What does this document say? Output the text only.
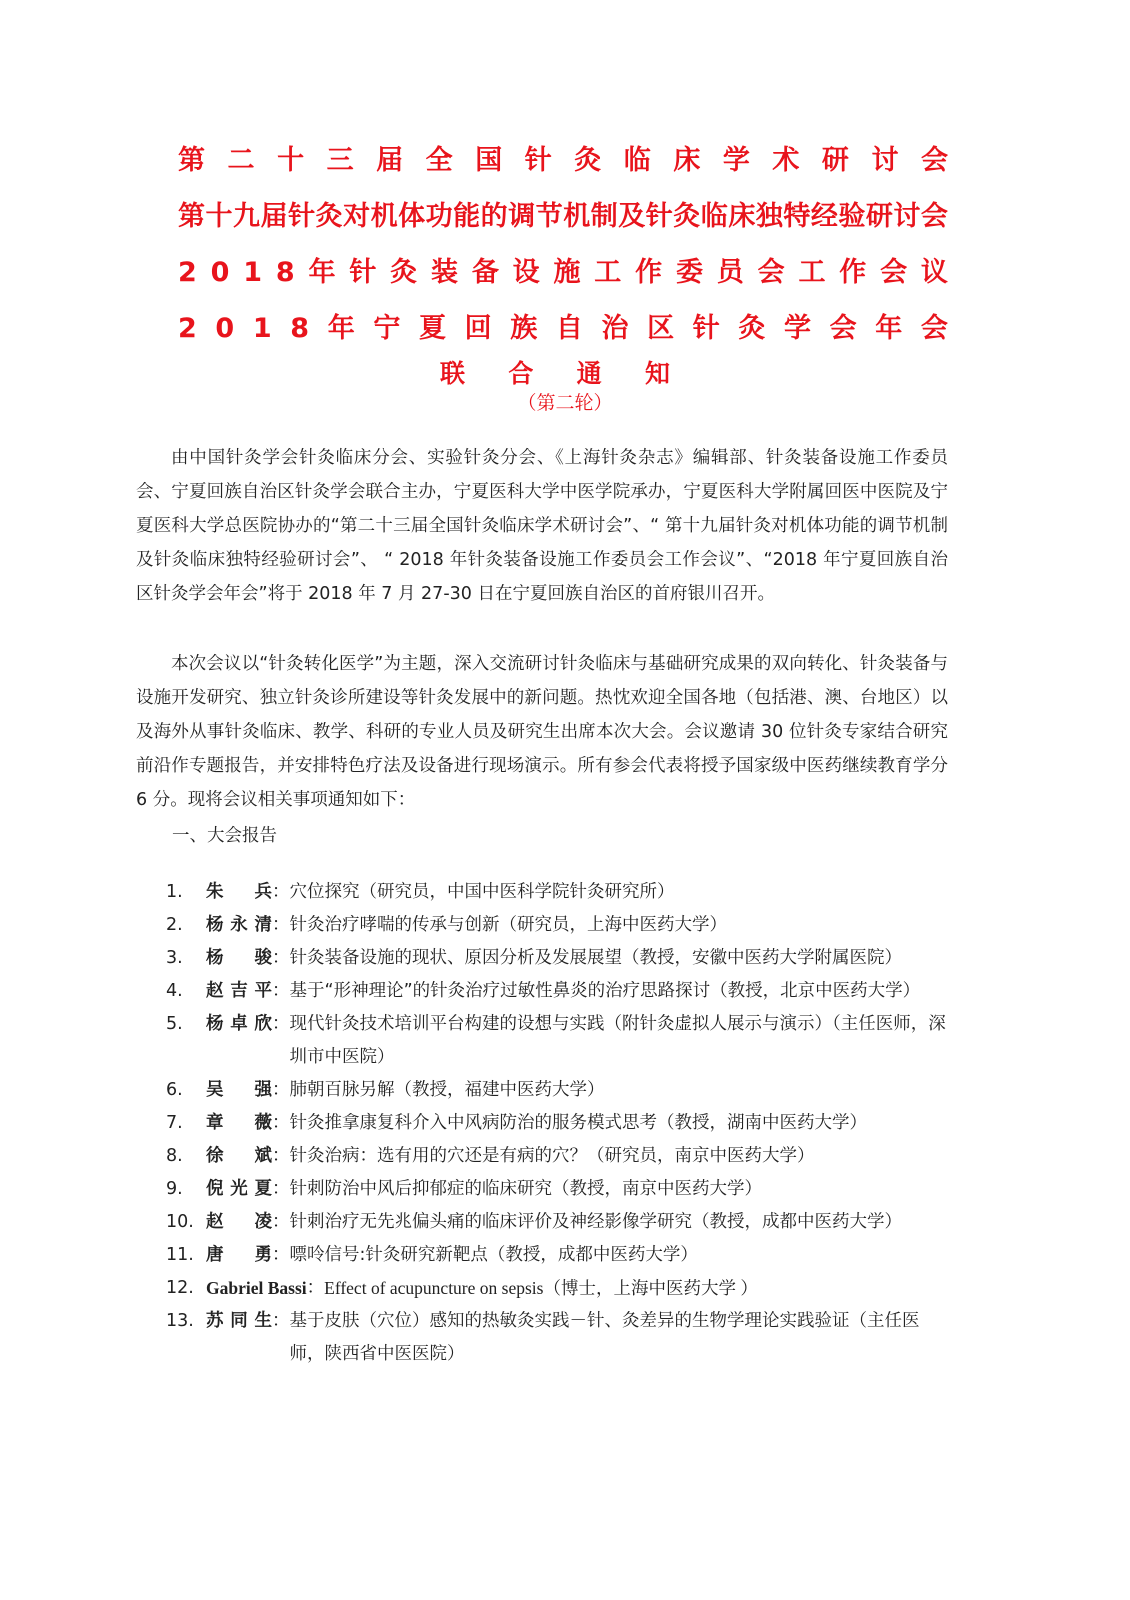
第 二 十 三 届 全 国 针 灸 临 床 学 术 研 讨 会
第 十 九 届 针 灸 对 机 体 功 能 的 调 节 机 制 及 针 灸 临 床 独 特 经 验 研 讨 会
2 0 1 8 年 针 灸 装 备 设 施 工 作 委 员 会 工 作 会 议
2 0 1 8 年 宁 夏 回 族 自 治 区 针 灸 学 会 年 会
联 合 通 知
（第二轮）

由中国针灸学会针灸临床分会、实验针灸分会、《上海针灸杂志》编辑部、针灸装备设施工作委员会、宁夏回族自治区针灸学会联合主办，宁夏医科大学中医学院承办，宁夏医科大学附属回医中医院及宁夏医科大学总医院协办的“第二十三届全国针灸临床学术研讨会”、“ 第十九届针灸对机体功能的调节机制及针灸临床独特经验研讨会”、 “ 2018 年针灸装备设施工作委员会工作会议”、“2018 年宁夏回族自治区针灸学会年会”将于 2018 年 7 月 27-30 日在宁夏回族自治区的首府银川召开。

本次会议以“针灸转化医学”为主题，深入交流研讨针灸临床与基础研究成果的双向转化、针灸装备与设施开发研究、独立针灸诊所建设等针灸发展中的新问题。热忱欢迎全国各地（包括港、澳、台地区）以及海外从事针灸临床、教学、科研的专业人员及研究生出席本次大会。会议邀请 30 位针灸专家结合研究前沿作专题报告，并安排特色疗法及设备进行现场演示。所有参会代表将授予国家级中医药继续教育学分 6 分。现将会议相关事项通知如下：

一、大会报告
1.	朱 兵 ： 穴位探究（研究员，中国中医科学院针灸研究所）
2.	杨永清 ： 针灸治疗哮喘的传承与创新（研究员，上海中医药大学）
3.	杨 骏 ： 针灸装备设施的现状、原因分析及发展展望（教授，安徽中医药大学附属医院）
4.	赵吉平 ： 基于“形神理论”的针灸治疗过敏性鼻炎的治疗思路探讨（教授，北京中医药大学）
5.	杨卓欣 ： 现代针灸技术培训平台构建的设想与实践（附针灸虚拟人展示与演示）（主任医师，深圳市中医院）
6.	吴 强 ： 肺朝百脉另解（教授，福建中医药大学）
7.	章 薇 ： 针灸推拿康复科介入中风病防治的服务模式思考（教授，湖南中医药大学）
8.	徐 斌 ： 针灸治病：选有用的穴还是有病的穴？（研究员，南京中医药大学）
9.	倪光夏 ： 针刺防治中风后抑郁症的临床研究（教授，南京中医药大学）
10. 赵 凌 ： 针刺治疗无先兆偏头痛的临床评价及神经影像学研究（教授，成都中医药大学）
11. 唐 勇 ： 嘌呤信号:针灸研究新靶点（教授，成都中医药大学）
12. Gabriel Bassi ： Effect of acupuncture on sepsis（博士，上海中医药大学 ）
13. 苏同生 ： 基于皮肤（穴位）感知的热敏灸实践－针、灸差异的生物学理论实践验证（主任医师，陕西省中医医院）
